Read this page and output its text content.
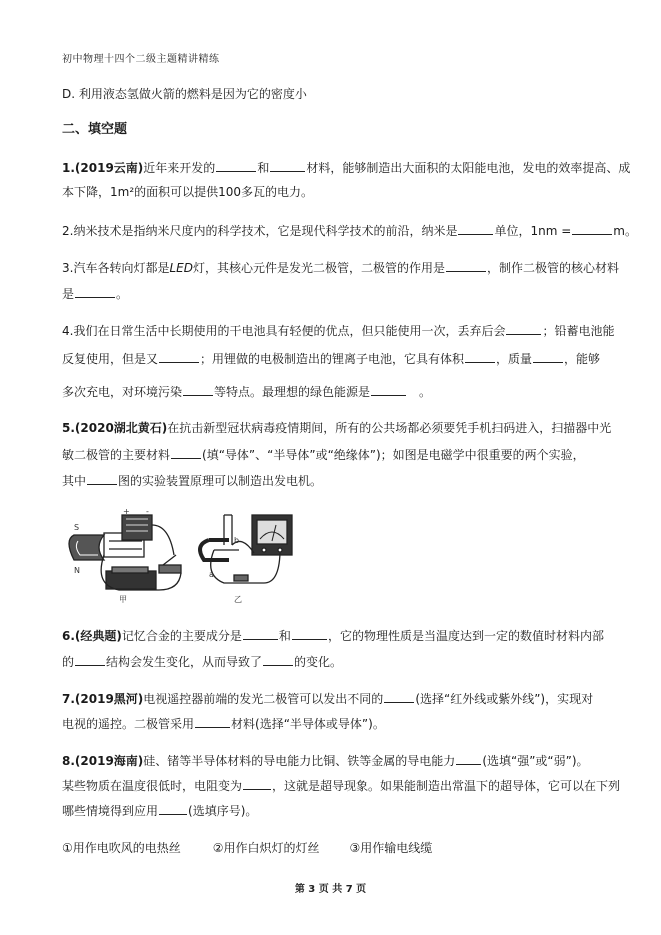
初中物理十四个二级主题精讲精练
D. 利用液态氢做火箭的燃料是因为它的密度小
二、填空题
1.(2019云南)近年来开发的	和	材料，能够制造出大面积的太阳能电池，发电的效率提高、成
本下降，1m²的面积可以提供100多瓦的电力。
2.纳米技术是指纳米尺度内的科学技术，它是现代科学技术的前沿，纳米是	单位，1nm =	m。
3.汽车各转向灯都是LED灯，其核心元件是发光二极管，二极管的作用是	，制作二极管的核心材料
是	。
4.我们在日常生活中长期使用的干电池具有轻便的优点，但只能使用一次，丢弃后会	；铅蓄电池能
反复使用，但是又	；用锂做的电极制造出的锂离子电池，它具有体积	，质量	，能够
多次充电，对环境污染	等特点。最理想的绿色能源是	。
5.(2020湖北黄石)在抗击新型冠状病毒疫情期间，所有的公共场都必须要凭手机扫码进入，扫描器中光
敏二极管的主要材料	(填“导体”、“半导体”或“绝缘体”)；如图是电磁学中很重要的两个实验，
其中	图的实验装置原理可以制造出发电机。
+ -
S
N
甲
a
b
乙
6.(经典题)记忆合金的主要成分是	和	，它的物理性质是当温度达到一定的数值时材料内部
的	结构会发生变化，从而导致了	的变化。
7.(2019黑河)电视遥控器前端的发光二极管可以发出不同的	(选择“红外线或紫外线”)，实现对
电视的遥控。二极管采用	材料(选择“半导体或导体”)。
8.(2019海南)硅、锗等半导体材料的导电能力比铜、铁等金属的导电能力 (选填“强”或“弱”)。
某些物质在温度很低时，电阻变为	，这就是超导现象。如果能制造出常温下的超导体，它可以在下列
哪些情境得到应用	(选填序号)。
①用作电吹风的电热丝	②用作白炽灯的灯丝	③用作输电线缆
第 3 页 共 7 页
